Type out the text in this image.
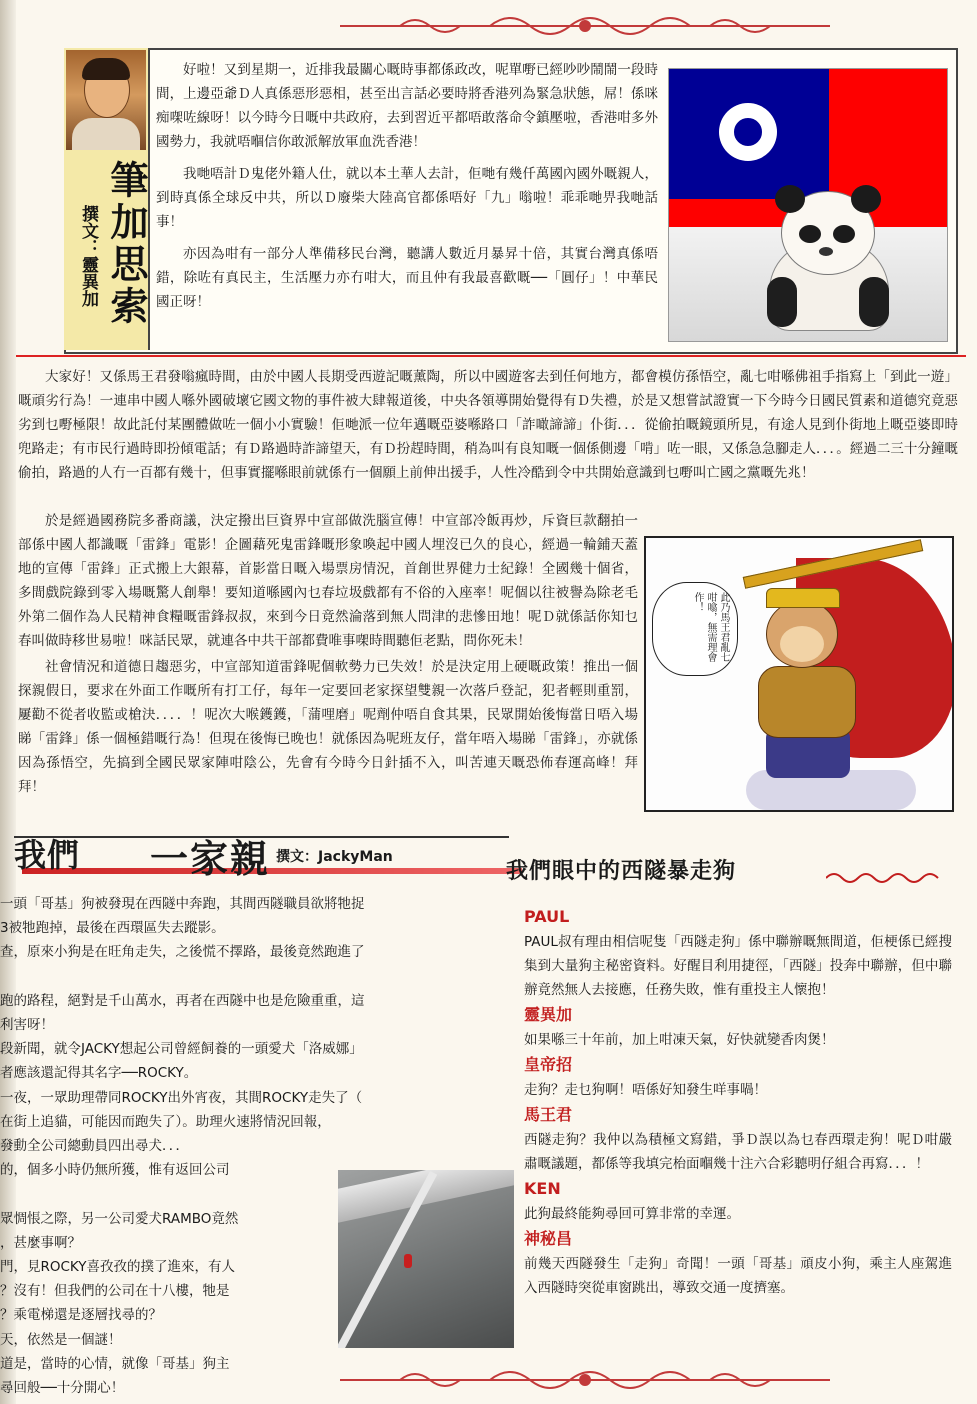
筆加思索
撰文：靈異加

好啦！又到星期一，近排我最關心嘅時事都係政改，呢單嘢已經吵吵鬧鬧一段時間，上邊亞爺Ｄ人真係惡形惡相，甚至出言話必要時將香港列為緊急狀態，屌！係咪痴㗎咗線呀！以今時今日嘅中共政府，去到習近平都唔敢落命令鎮壓啦，香港咁多外國勢力，我就唔嗰信你敢派解放軍血洗香港！

我哋唔計Ｄ鬼佬外籍人仕，就以本土華人去計，佢哋有幾仟萬國內國外嘅親人，到時真係全球反中共，所以Ｄ廢柴大陸高官都係唔好「九」嗡啦！乖乖哋畀我哋話事！

亦因為咁有一部分人準備移民台灣，聽講人數近月暴昇十倍，其實台灣真係唔錯，除咗有真民主，生活壓力亦冇咁大，而且仲有我最喜歡嘅──「圓仔」！中華民國正呀！

大家好！又係馬王君發嗡瘋時間，由於中國人長期受西遊記嘅薰陶，所以中國遊客去到任何地方，都會模仿孫悟空，亂七咁喺佛祖手指寫上「到此一遊」嘅頑劣行為！一連串中國人喺外國破壞它國文物的事件被大肆報道後，中央各領導開始覺得有Ｄ失禮，於是又想嘗試證實一下今時今日國民質素和道德究竟惡劣到乜嘢極限！故此託付某團體做咗一個小小實驗！佢哋派一位年邁嘅亞婆喺路口「詐噉諦諦」仆街．．．從偷拍嘅鏡頭所見，有途人見到仆街地上嘅亞婆即時兜路走；有市民行過時即扮傾電話；有Ｄ路過時詐諦望天，有Ｄ扮趕時間，稍為叫有良知嘅一個係側邊「啃」咗一眼，又係急急腳走人．．．。經過二三十分鐘嘅偷拍，路過的人冇一百都有幾十，但事實擺喺眼前就係冇一個願上前伸出援手，人性冷酷到令中共開始意識到乜嘢叫亡國之黨嘅先兆！

於是經過國務院多番商議，決定撥出巨資界中宣部做洗腦宣傳！中宣部冷飯再炒，斥資巨款翻拍一部係中國人都識嘅「雷鋒」電影！企圖藉死鬼雷鋒嘅形象喚起中國人埋沒已久的良心，經過一輪鋪天蓋地的宣傳「雷鋒」正式搬上大銀幕，首影當日嘅入場票房情況，首創世界健力士紀錄！全國幾十個省，多間戲院錄到零入場嘅驚人創舉！要知道喺國內乜春垃圾戲都有不俗的入座率！呢個以往被譽為除老毛外第二個作為人民精神食糧嘅雷鋒叔叔，來到今日竟然淪落到無人問津的悲慘田地！呢Ｄ就係話你知乜春叫做時移世易啦！咪話民眾，就連各中共干部都費唯事㗎時間聽佢老點，問你死未！

社會情況和道德日趨惡劣，中宣部知道雷鋒呢個軟勢力已失效！於是決定用上硬嘅政策！推出一個探親假日，要求在外面工作嘅所有打工仔，每年一定要回老家探望雙親一次落戶登記，犯者輕則重罰，屢勸不從者收監或槍決．．．．！呢次大喉鑊鑊，「蒲哩磨」呢劑仲唔自食其果，民眾開始後悔當日唔入場睇「雷鋒」係一個極錯嘅行為！但現在後悔已晚也！就係因為呢班友仔，當年唔入場睇「雷鋒」，亦就係因為孫悟空，先搞到全國民眾家陣咁陰公，先會有今時今日針插不入，叫苦連天嘅恐佈春運高峰！拜拜！

此乃馬王君亂七咁噏，無需理會作！
我們 一家親 撰文：JackyMan

一頭「哥基」狗被發現在西隧中奔跑，其間西隧職員欲將牠捉

3被牠跑掉，最後在西環區失去蹤影。

查，原來小狗是在旺角走失，之後慌不擇路，最後竟然跑進了

跑的路程，絕對是千山萬水，再者在西隧中也是危險重重，這

利害呀！

段新聞，就令JACKY想起公司曾經飼養的一頭愛犬「洛威娜」

者應該還記得其名字──ROCKY。

一夜，一眾助理帶同ROCKY出外宵夜，其間ROCKY走失了（

在街上追貓，可能因而跑失了）。助理火速將情況回報，

發動全公司總動員四出尋犬．．．

的，個多小時仍無所獲，惟有返回公司

眾惆悵之際，另一公司愛犬RAMBO竟然

，甚麼事啊？

門，見ROCKY喜孜孜的撲了進來，有人

？沒有！但我們的公司在十八樓，牠是

？乘電梯還是逐層找尋的？

天，依然是一個謎！

道是，當時的心情，就像「哥基」狗主

尋回般──十分開心！

我們眼中的西隧暴走狗

PAUL

PAUL叔有理由相信呢隻「西隧走狗」係中聯辦嘅無間道，佢梗係已經搜集到大量狗主秘密資料。好醒目利用捷徑，「西隧」投奔中聯辦，但中聯辦竟然無人去接應，任務失敗，惟有重投主人懷抱！

靈異加

如果喺三十年前，加上咁凍天氣，好快就變香肉煲！

皇帝招

走狗？走乜狗啊！唔係好知發生咩事喎！

馬王君

西隧走狗？我仲以為積極文寫錯，爭Ｄ誤以為乜春西環走狗！呢Ｄ咁嚴肅嘅議題，都係等我填完枱面嗰幾十注六合彩聽明仔組合再寫．．．！

KEN

此狗最終能夠尋回可算非常的幸運。

神秘昌

前幾天西隧發生「走狗」奇聞！一頭「哥基」頑皮小狗，乘主人座駕進入西隧時突從車窗跳出，導致交通一度擠塞。
